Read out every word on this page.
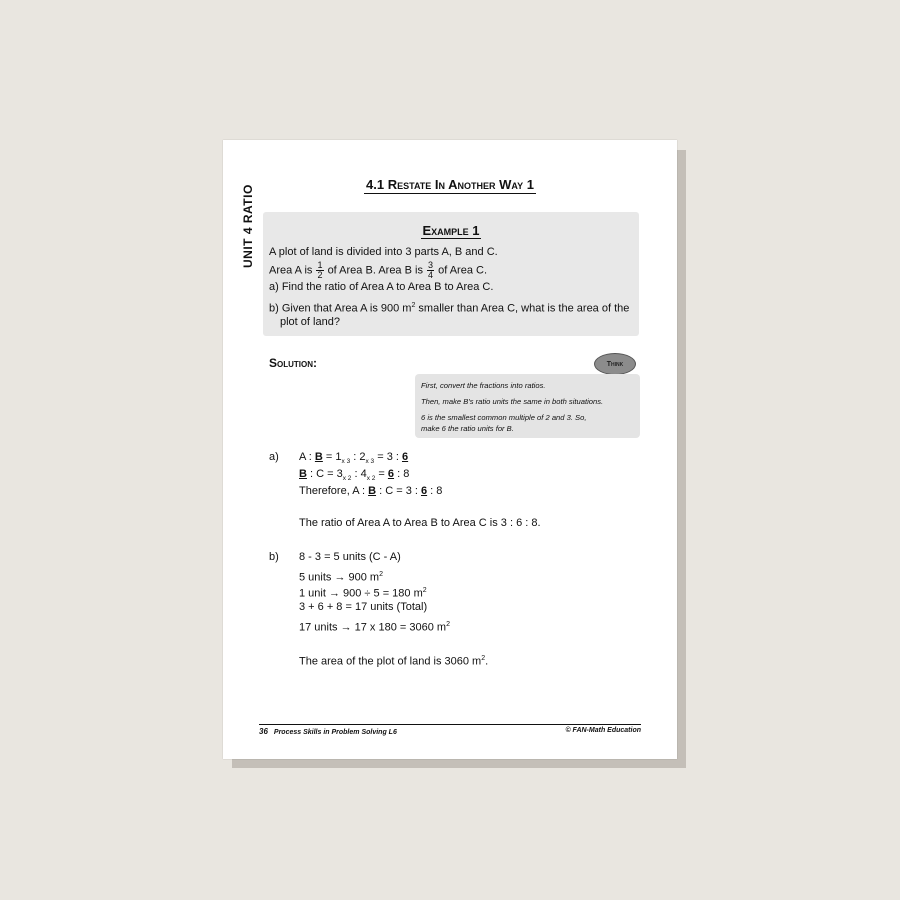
UNIT 4 RATIO	4.1 Restate In Another Way 1
Example 1
A plot of land is divided into 3 parts A, B and C.
Area A is $\frac{1}{2}$ of Area B. Area B is $\frac{3}{4}$ of Area C.
a) Find the ratio of Area A to Area B to Area C.
b) Given that Area A is 900 $m^2$ smaller than Area C, what is the area of the
plot of land?
Solution:	Think
First, convert the fractions into ratios.
Then, make B's ratio units the same in both situations.
6 is the smallest common multiple of 2 and 3. So,
make 6 the ratio units for B.
a) A : $B = 1_{x 3}$ : $2_{x 3} = 3$ : 6
B : $C = 3_{x 2}$ : $4_{x 2} = 6$ : 8
Therefore, A : B : C = 3 : 6 : 8
The ratio of Area A to Area B to Area C is 3 : 6 : 8.
b) 8 - 3 = 5 units (C - A)
5 units → 900 $m^2$
1 unit → 900 ÷ 5 = 180 $m^2$
3 + 6 + 8 = 17 units (Total)
17 units → 17 x 180 = 3060 $m^2$
The area of the plot of land is 3060 $m^2$.
36 Process Skills in Problem Solving L6	© FAN-Math Education
